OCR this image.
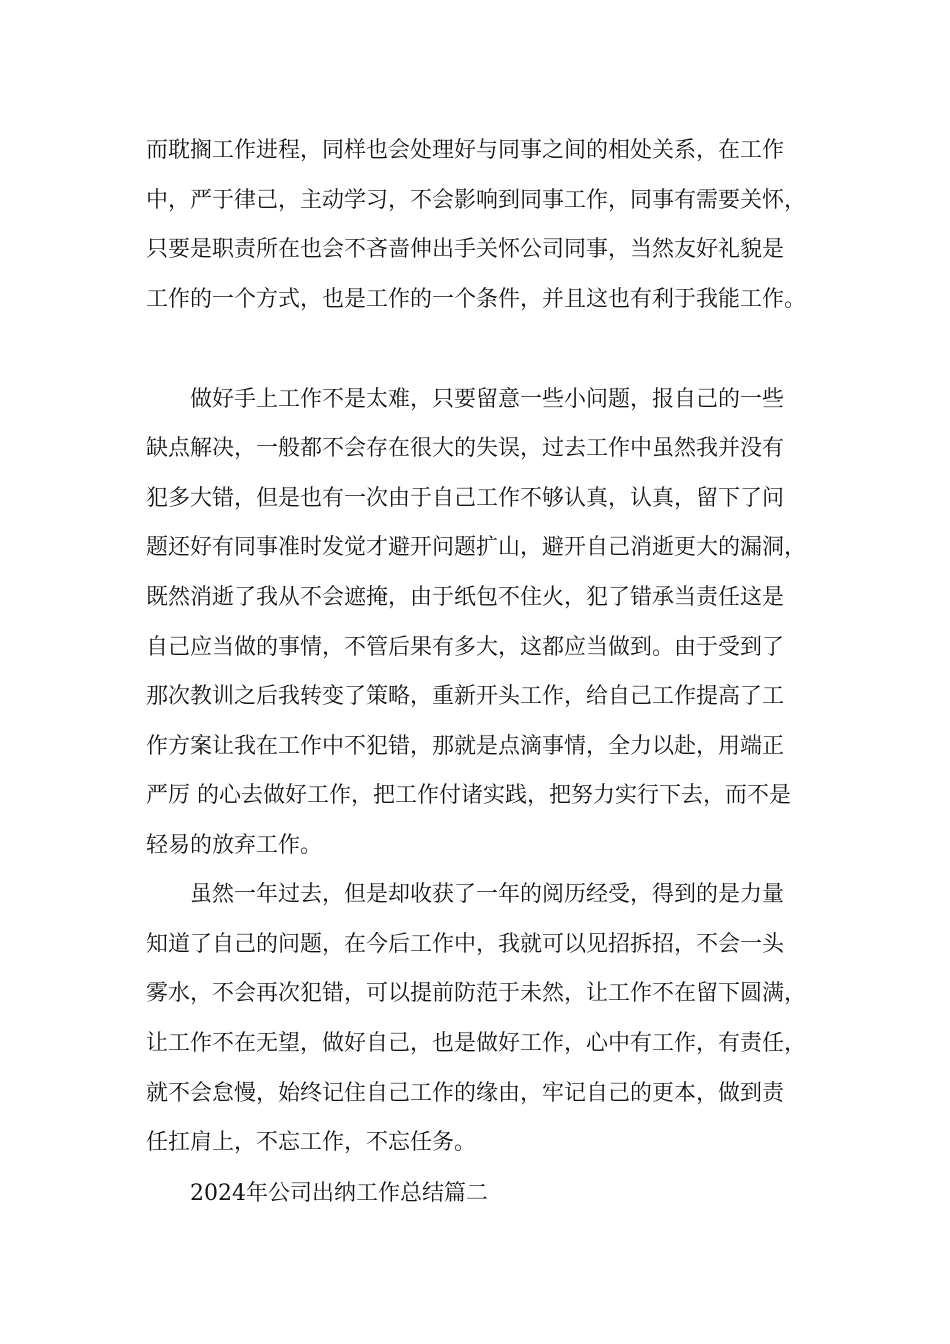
而耽搁工作进程，同样也会处理好与同事之间的相处关系，在工作
中，严于律己，主动学习，不会影响到同事工作，同事有需要关怀，
只要是职责所在也会不吝啬伸出手关怀公司同事，当然友好礼貌是
工作的一个方式，也是工作的一个条件，并且这也有利于我能工作。
做好手上工作不是太难，只要留意一些小问题，报自己的一些
缺点解决，一般都不会存在很大的失误，过去工作中虽然我并没有
犯多大错，但是也有一次由于自己工作不够认真，认真，留下了问
题还好有同事准时发觉才避开问题扩山，避开自己消逝更大的漏洞，
既然消逝了我从不会遮掩，由于纸包不住火，犯了错承当责任这是
自己应当做的事情，不管后果有多大，这都应当做到。由于受到了
那次教训之后我转变了策略，重新开头工作，给自己工作提高了工
作方案让我在工作中不犯错，那就是点滴事情，全力以赴，用端正
严厉 的心去做好工作，把工作付诸实践，把努力实行下去，而不是
轻易的放弃工作。
虽然一年过去，但是却收获了一年的阅历经受，得到的是力量
知道了自己的问题，在今后工作中，我就可以见招拆招，不会一头
雾水，不会再次犯错，可以提前防范于未然，让工作不在留下圆满，
让工作不在无望，做好自己，也是做好工作，心中有工作，有责任，
就不会怠慢，始终记住自己工作的缘由，牢记自己的更本，做到责
任扛肩上，不忘工作，不忘任务。
2024年公司出纳工作总结篇二
